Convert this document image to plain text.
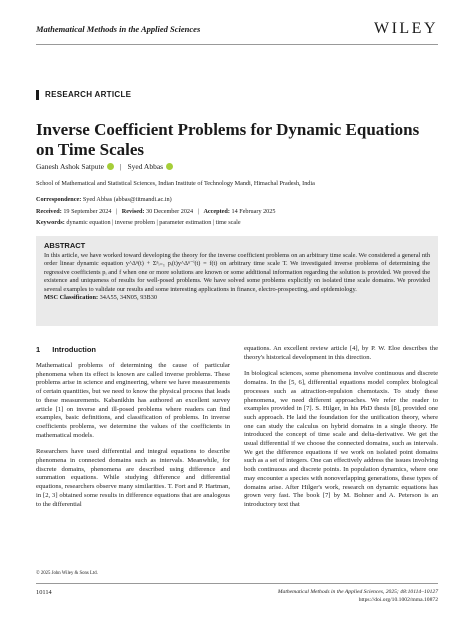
Mathematical Methods in the Applied Sciences	WILEY
RESEARCH ARTICLE
Inverse Coefficient Problems for Dynamic Equations on Time Scales
Ganesh Ashok Satpute | Syed Abbas
School of Mathematical and Statistical Sciences, Indian Institute of Technology Mandi, Himachal Pradesh, India
Correspondence: Syed Abbas (abbas@iitmandi.ac.in)
Received: 19 September 2024 | Revised: 30 December 2024 | Accepted: 14 February 2025
Keywords: dynamic equation | inverse problem | parameter estimation | time scale
ABSTRACT

In this article, we have worked toward developing the theory for the inverse coefficient problems on an arbitrary time scale. We considered a general nth order linear dynamic equation y^Δⁿ(t) + Σⁿᵢ₌₁ pᵢ(t)y^Δⁿ⁻ⁱ(t) = f(t) on arbitrary time scale T. We investigated inverse problems of determining the regressive coefficients pᵢ and f when one or more solutions are known or some additional information regarding the solution is provided. We proved the existence and uniqueness of results for well-posed problems. We have solved some problems explicitly on isolated time scale domains. We provided several examples to validate our results and some interesting applications in finance, electro-prospecting, and epidemiology.

MSC Classification: 34A55, 34N05, 93B30
1 Introduction

Mathematical problems of determining the cause of particular phenomena when its effect is known are called inverse problems. These problems arise in science and engineering, where we have measurements of certain quantities, but we need to know the physical process that leads to these measurements. Kabanikhin has authored an excellent survey article [1] on inverse and ill-posed problems where readers can find examples, basic definitions, and classification of problems. In inverse coefficients problems, we determine the values of the coefficients in mathematical models.

Researchers have used differential and integral equations to describe phenomena in connected domains such as intervals. Meanwhile, for discrete domains, phenomena are described using difference and summation equations. While studying difference and differential equations, researchers observe many similarities. T. Fort and P. Hartman, in [2, 3] obtained some results in difference equations that are analogous to the differential

equations. An excellent review article [4], by P. W. Eloe describes the theory's historical development in this direction.

In biological sciences, some phenomena involve continuous and discrete domains. In the [5, 6], differential equations model complex biological processes such as attraction-repulsion chemotaxis. To study these phenomena, we need different approaches. We refer the reader to examples provided in [7]. S. Hilger, in his PhD thesis [8], provided one such approach. He laid the foundation for the unification theory, where one can study the calculus on hybrid domains in a single theory. He introduced the concept of time scale and delta-derivative. We get the usual differential if we choose the connected domains, such as intervals. We get the difference equations if we work on isolated point domains such as a set of integers. One can effectively address the issues involving both continuous and discrete points. In population dynamics, where one may encounter a species with nonoverlapping generations, these types of domains arise. After Hilger's work, research on dynamic equations has grown very fast. The book [7] by M. Bohner and A. Peterson is an introductory text that

© 2025 John Wiley & Sons Ltd.
10114	Mathematical Methods in the Applied Sciences, 2025; 48:10114–10127
https://doi.org/10.1002/mma.10872
